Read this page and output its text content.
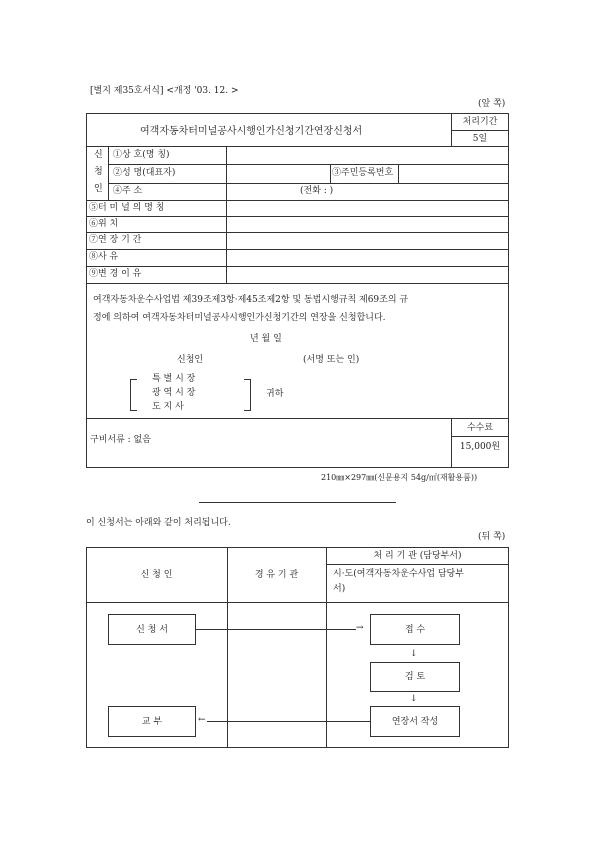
[별지 제35호서식] <개정 '03. 12. >
(앞 쪽)
여객자동차터미널공사시행인가신청기간연장신청서
처리기간
5일
신
청
인
①상 호(명 칭)
②성 명(대표자)	③주민등록번호
④주 소	(전화 : )
⑤터 미 널 의 명 칭
⑥위 치
⑦연 장 기 간
⑧사 유
⑨변 경 이 유
여객자동차운수사업법 제39조제3항·제45조제2항 및 동법시행규칙 제69조의 규
정에 의하여 여객자동차터미널공사시행인가신청기간의 연장을 신청합니다.
년 월 일
신청인	(서명 또는 인)
특 별 시 장
광 역 시 장
도 지 사
귀하
구비서류 : 없음
수수료
15,000원
210㎜×297㎜(신문용지 54g/㎡(재활용품))
이 신청서는 아래와 같이 처리됩니다.
(뒤 쪽)
신 청 인	경 유 기 관
처 리 기 관 (담당부서)
시·도(여객자동차운수사업 담당부
서)
신 청 서	접 수
검 토
연장서 작성
교 부
→
↓
↓
←
